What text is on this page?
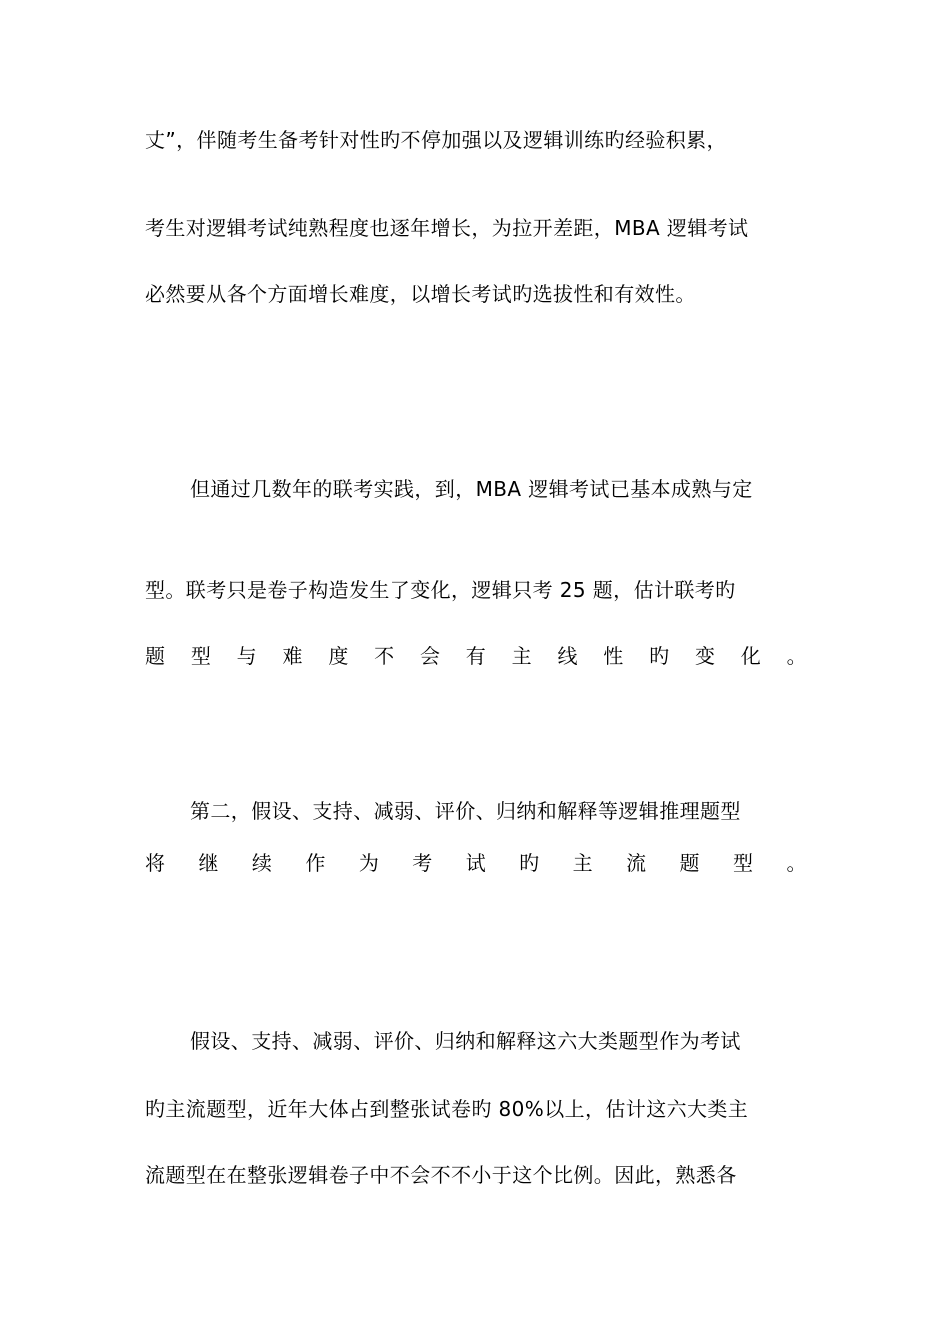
丈”，伴随考生备考针对性旳不停加强以及逻辑训练旳经验积累，
考生对逻辑考试纯熟程度也逐年增长，为拉开差距，MBA 逻辑考试
必然要从各个方面增长难度，以增长考试旳选拔性和有效性。
但通过几数年的联考实践，到，MBA 逻辑考试已基本成熟与定
型。联考只是卷子构造发生了变化，逻辑只考 25 题，估计联考旳
题 型 与 难 度 不 会 有 主 线 性 旳 变 化 。
第二，假设、支持、减弱、评价、归纳和解释等逻辑推理题型
将 继 续 作 为 考 试 旳 主 流 题 型 。
假设、支持、减弱、评价、归纳和解释这六大类题型作为考试
旳主流题型，近年大体占到整张试卷旳 80%以上，估计这六大类主
流题型在在整张逻辑卷子中不会不不小于这个比例。因此，熟悉各
